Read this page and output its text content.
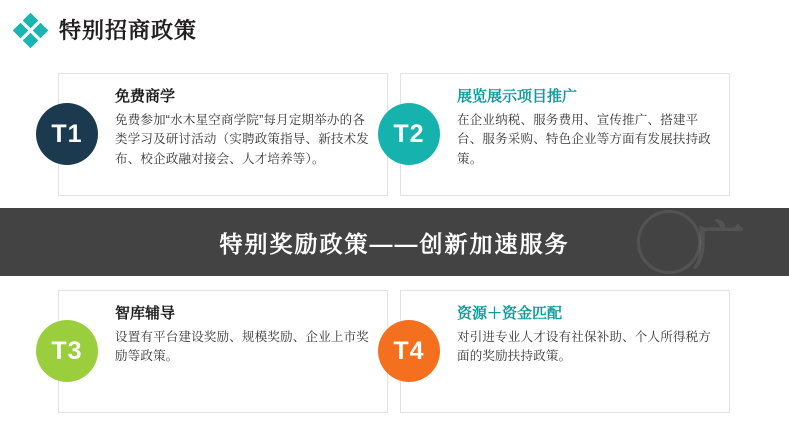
特别招商政策
T1
免费商学
免费参加“水木星空商学院”每月定期举办的各类学习及研讨活动（实聘政策指导、新技术发布、校企政融对接会、人才培养等）。
T2
展览展示项目推广
在企业纳税、服务费用、宣传推广、搭建平台、服务采购、特色企业等方面有发展扶持政策。
广
特别奖励政策——创新加速服务
T3
智库辅导
设置有平台建设奖励、规模奖励、企业上市奖励等政策。	T4
资源＋资金匹配
对引进专业人才设有社保补助、个人所得税方面的奖励扶持政策。
